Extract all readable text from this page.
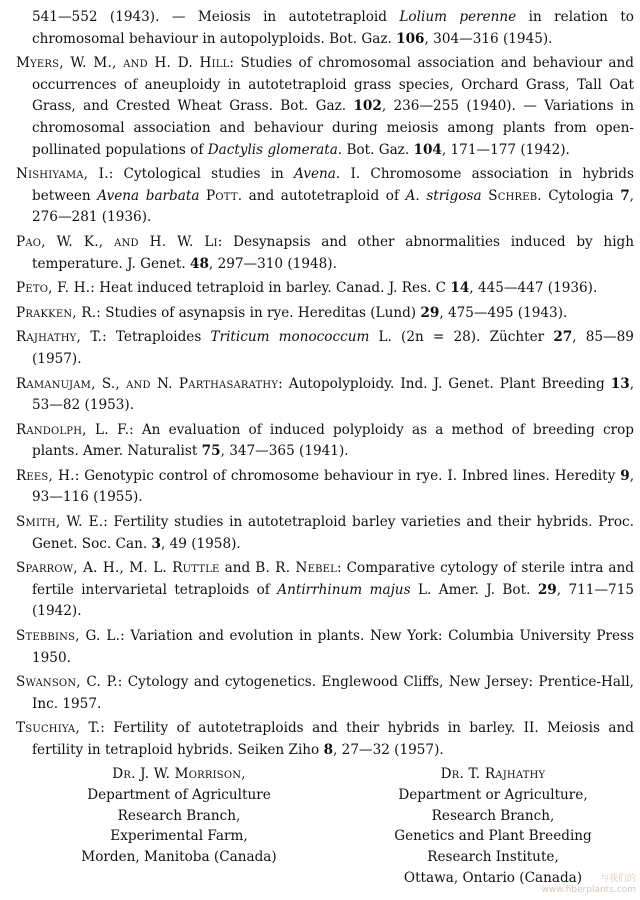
541—552 (1943). — Meiosis in autotetraploid Lolium perenne in relation to chromosomal behaviour in autopolyploids. Bot. Gaz. 106, 304—316 (1945).

Myers, W. M., and H. D. Hill: Studies of chromosomal association and behaviour and occurrences of aneuploidy in autotetraploid grass species, Orchard Grass, Tall Oat Grass, and Crested Wheat Grass. Bot. Gaz. 102, 236—255 (1940). — Variations in chromosomal association and behaviour during meiosis among plants from open-pollinated populations of Dactylis glomerata. Bot. Gaz. 104, 171—177 (1942).

Nishiyama, I.: Cytological studies in Avena. I. Chromosome association in hybrids between Avena barbata Pott. and autotetraploid of A. strigosa Schreb. Cytologia 7, 276—281 (1936).

Pao, W. K., and H. W. Li: Desynapsis and other abnormalities induced by high temperature. J. Genet. 48, 297—310 (1948).

Peto, F. H.: Heat induced tetraploid in barley. Canad. J. Res. C 14, 445—447 (1936).

Prakken, R.: Studies of asynapsis in rye. Hereditas (Lund) 29, 475—495 (1943).

Rajhathy, T.: Tetraploides Triticum monococcum L. (2n = 28). Züchter 27, 85—89 (1957).

Ramanujam, S., and N. Parthasarathy: Autopolyploidy. Ind. J. Genet. Plant Breeding 13, 53—82 (1953).

Randolph, L. F.: An evaluation of induced polyploidy as a method of breeding crop plants. Amer. Naturalist 75, 347—365 (1941).

Rees, H.: Genotypic control of chromosome behaviour in rye. I. Inbred lines. Heredity 9, 93—116 (1955).

Smith, W. E.: Fertility studies in autotetraploid barley varieties and their hybrids. Proc. Genet. Soc. Can. 3, 49 (1958).

Sparrow, A. H., M. L. Ruttle and B. R. Nebel: Comparative cytology of sterile intra and fertile intervarietal tetraploids of Antirrhinum majus L. Amer. J. Bot. 29, 711—715 (1942).

Stebbins, G. L.: Variation and evolution in plants. New York: Columbia University Press 1950.

Swanson, C. P.: Cytology and cytogenetics. Englewood Cliffs, New Jersey: Prentice-Hall, Inc. 1957.

Tsuchiya, T.: Fertility of autotetraploids and their hybrids in barley. II. Meiosis and fertility in tetraploid hybrids. Seiken Ziho 8, 27—32 (1957).

Dr. J. W. Morrison,
Department of Agriculture
Research Branch,
Experimental Farm,
Morden, Manitoba (Canada)
Dr. T. Rajhathy
Department or Agriculture,
Research Branch,
Genetics and Plant Breeding
Research Institute,
Ottawa, Ontario (Canada)	与我们的
www.fiberplants.com
